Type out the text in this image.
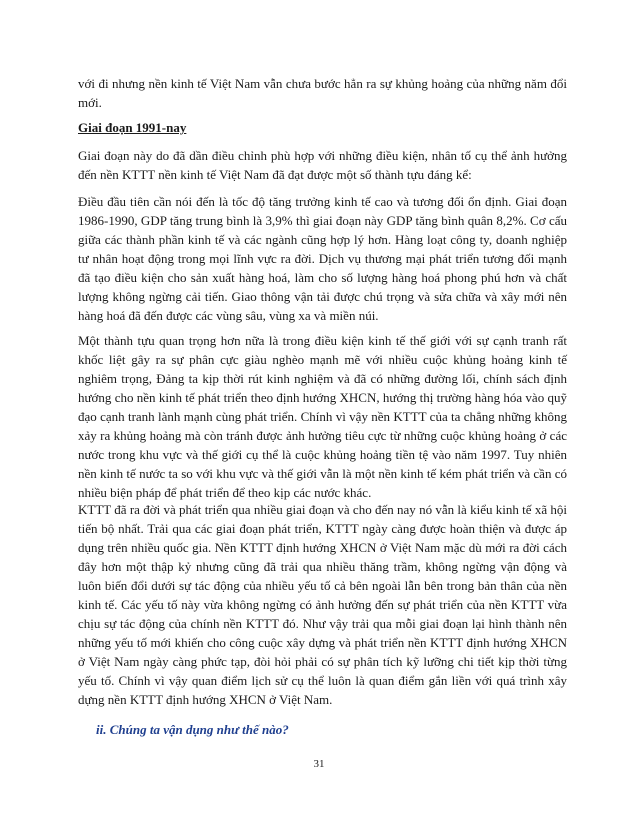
với đi nhưng nền kinh tế Việt Nam vẫn chưa bước hẳn ra sự khủng hoảng của những năm đổi mới.

Giai đoạn 1991-nay

Giai đoạn này do đã dần điều chỉnh phù hợp với những điều kiện, nhân tố cụ thể ảnh hưởng đến nền KTTT nền kinh tế Việt Nam đã đạt được một số thành tựu đáng kể:

Điều đầu tiên cần nói đến là tốc độ tăng trưởng kinh tế cao và tương đối ổn định. Giai đoạn 1986-1990, GDP tăng trung bình là 3,9% thì giai đoạn này GDP tăng bình quân 8,2%. Cơ cấu giữa các thành phần kinh tế và các ngành cũng hợp lý hơn. Hàng loạt công ty, doanh nghiệp tư nhân hoạt động trong mọi lĩnh vực ra đời. Dịch vụ thương mại phát triển tương đối mạnh đã tạo điều kiện cho sản xuất hàng hoá, làm cho số lượng hàng hoá phong phú hơn và chất lượng không ngừng cải tiến. Giao thông vận tải được chú trọng và sửa chữa và xây mới nên hàng hoá đã đến được các vùng sâu, vùng xa và miền núi.

Một thành tựu quan trọng hơn nữa là trong điều kiện kinh tế thế giới với sự cạnh tranh rất khốc liệt gây ra sự phân cực giàu nghèo mạnh mẽ với nhiều cuộc khủng hoảng kinh tế nghiêm trọng, Đảng ta kịp thời rút kinh nghiệm và đã có những đường lối, chính sách định hướng cho nền kinh tế phát triển theo định hướng XHCN, hướng thị trường hàng hóa vào quỹ đạo cạnh tranh lành mạnh cùng phát triển. Chính vì vậy nền KTTT của ta chẳng những không xảy ra khủng hoảng mà còn tránh được ảnh hưởng tiêu cực từ những cuộc khủng hoảng ở các nước trong khu vực và thế giới cụ thể là cuộc khủng hoảng tiền tệ vào năm 1997. Tuy nhiên nền kinh tế nước ta so với khu vực và thế giới vẫn là một nền kinh tế kém phát triển và cần có nhiều biện pháp để phát triển để theo kịp các nước khác.

KTTT đã ra đời và phát triển qua nhiều giai đoạn và cho đến nay nó vẫn là kiểu kinh tế xã hội tiến bộ nhất. Trải qua các giai đoạn phát triển, KTTT ngày càng được hoàn thiện và được áp dụng trên nhiều quốc gia. Nền KTTT định hướng XHCN ở Việt Nam mặc dù mới ra đời cách đây hơn một thập kỷ nhưng cũng đã trải qua nhiều thăng trầm, không ngừng vận động và luôn biến đổi dưới sự tác động của nhiều yếu tố cả bên ngoài lẫn bên trong bản thân của nền kinh tế. Các yếu tố này vừa không ngừng có ảnh hưởng đến sự phát triển của nền KTTT vừa chịu sự tác động của chính nền KTTT đó. Như vậy trải qua mỗi giai đoạn lại hình thành nên những yếu tố mới khiến cho công cuộc xây dựng và phát triển nền KTTT định hướng XHCN ở Việt Nam ngày càng phức tạp, đòi hỏi phải có sự phân tích kỹ lưỡng chi tiết kịp thời từng yếu tố. Chính vì vậy quan điểm lịch sử cụ thể luôn là quan điểm gắn liền với quá trình xây dựng nền KTTT định hướng XHCN ở Việt Nam.

ii. Chúng ta vận dụng như thế nào?
31
